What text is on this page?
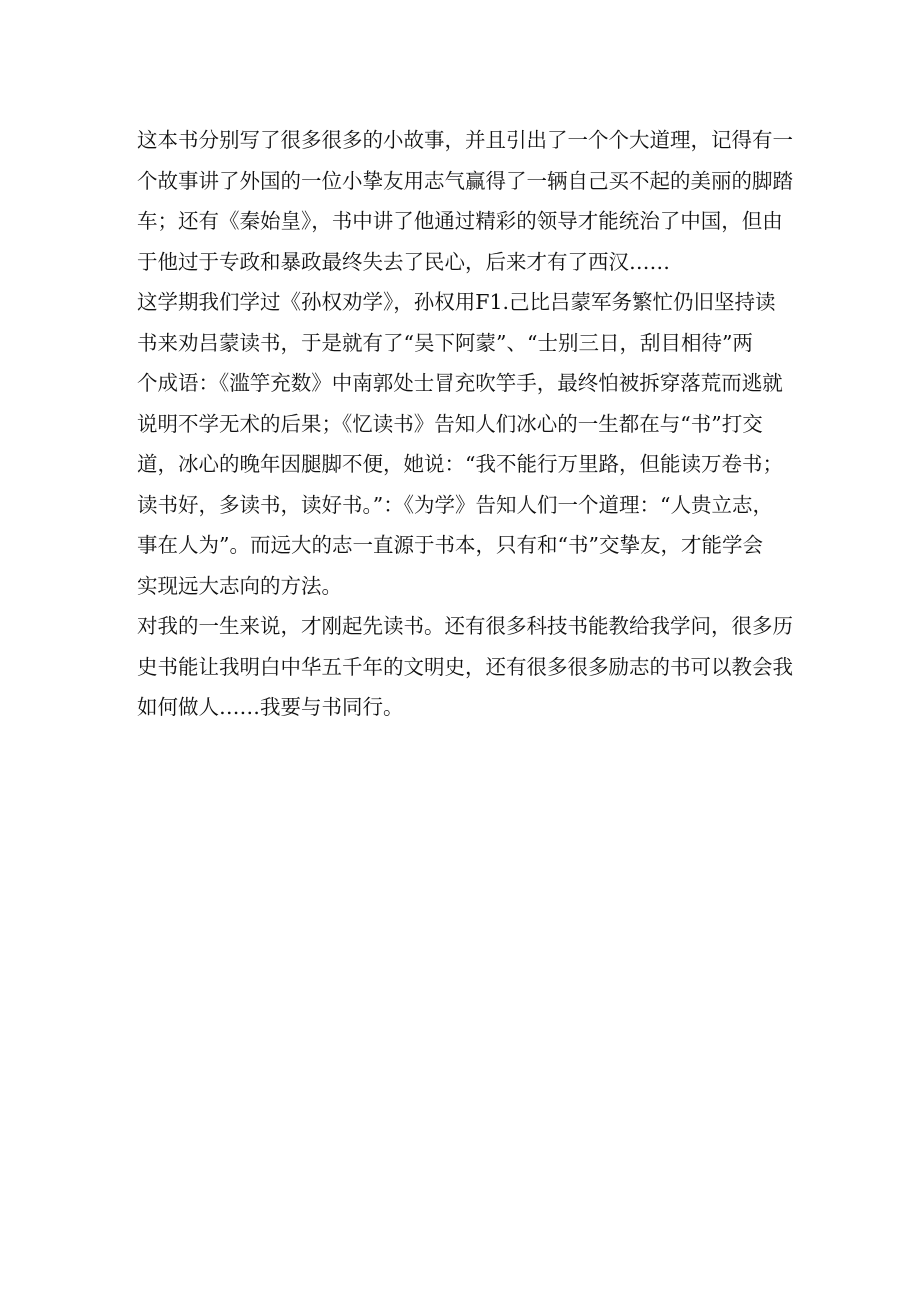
这本书分别写了很多很多的小故事，并且引出了一个个大道理，记得有一
个故事讲了外国的一位小挚友用志气赢得了一辆自己买不起的美丽的脚踏
车；还有《秦始皇》，书中讲了他通过精彩的领导才能统治了中国，但由
于他过于专政和暴政最终失去了民心，后来才有了西汉……
这学期我们学过《孙权劝学》，孙权用F1.己比吕蒙军务繁忙仍旧坚持读
书来劝吕蒙读书，于是就有了“吴下阿蒙”、“士别三日，刮目相待”两
个成语：《滥竽充数》中南郭处士冒充吹竽手，最终怕被拆穿落荒而逃就
说明不学无术的后果；《忆读书》告知人们冰心的一生都在与“书”打交
道，冰心的晚年因腿脚不便，她说：“我不能行万里路，但能读万卷书；
读书好，多读书，读好书。”：《为学》告知人们一个道理：“人贵立志，
事在人为”。而远大的志一直源于书本，只有和“书”交挚友，才能学会
实现远大志向的方法。
对我的一生来说，才刚起先读书。还有很多科技书能教给我学问，很多历
史书能让我明白中华五千年的文明史，还有很多很多励志的书可以教会我
如何做人……我要与书同行。
